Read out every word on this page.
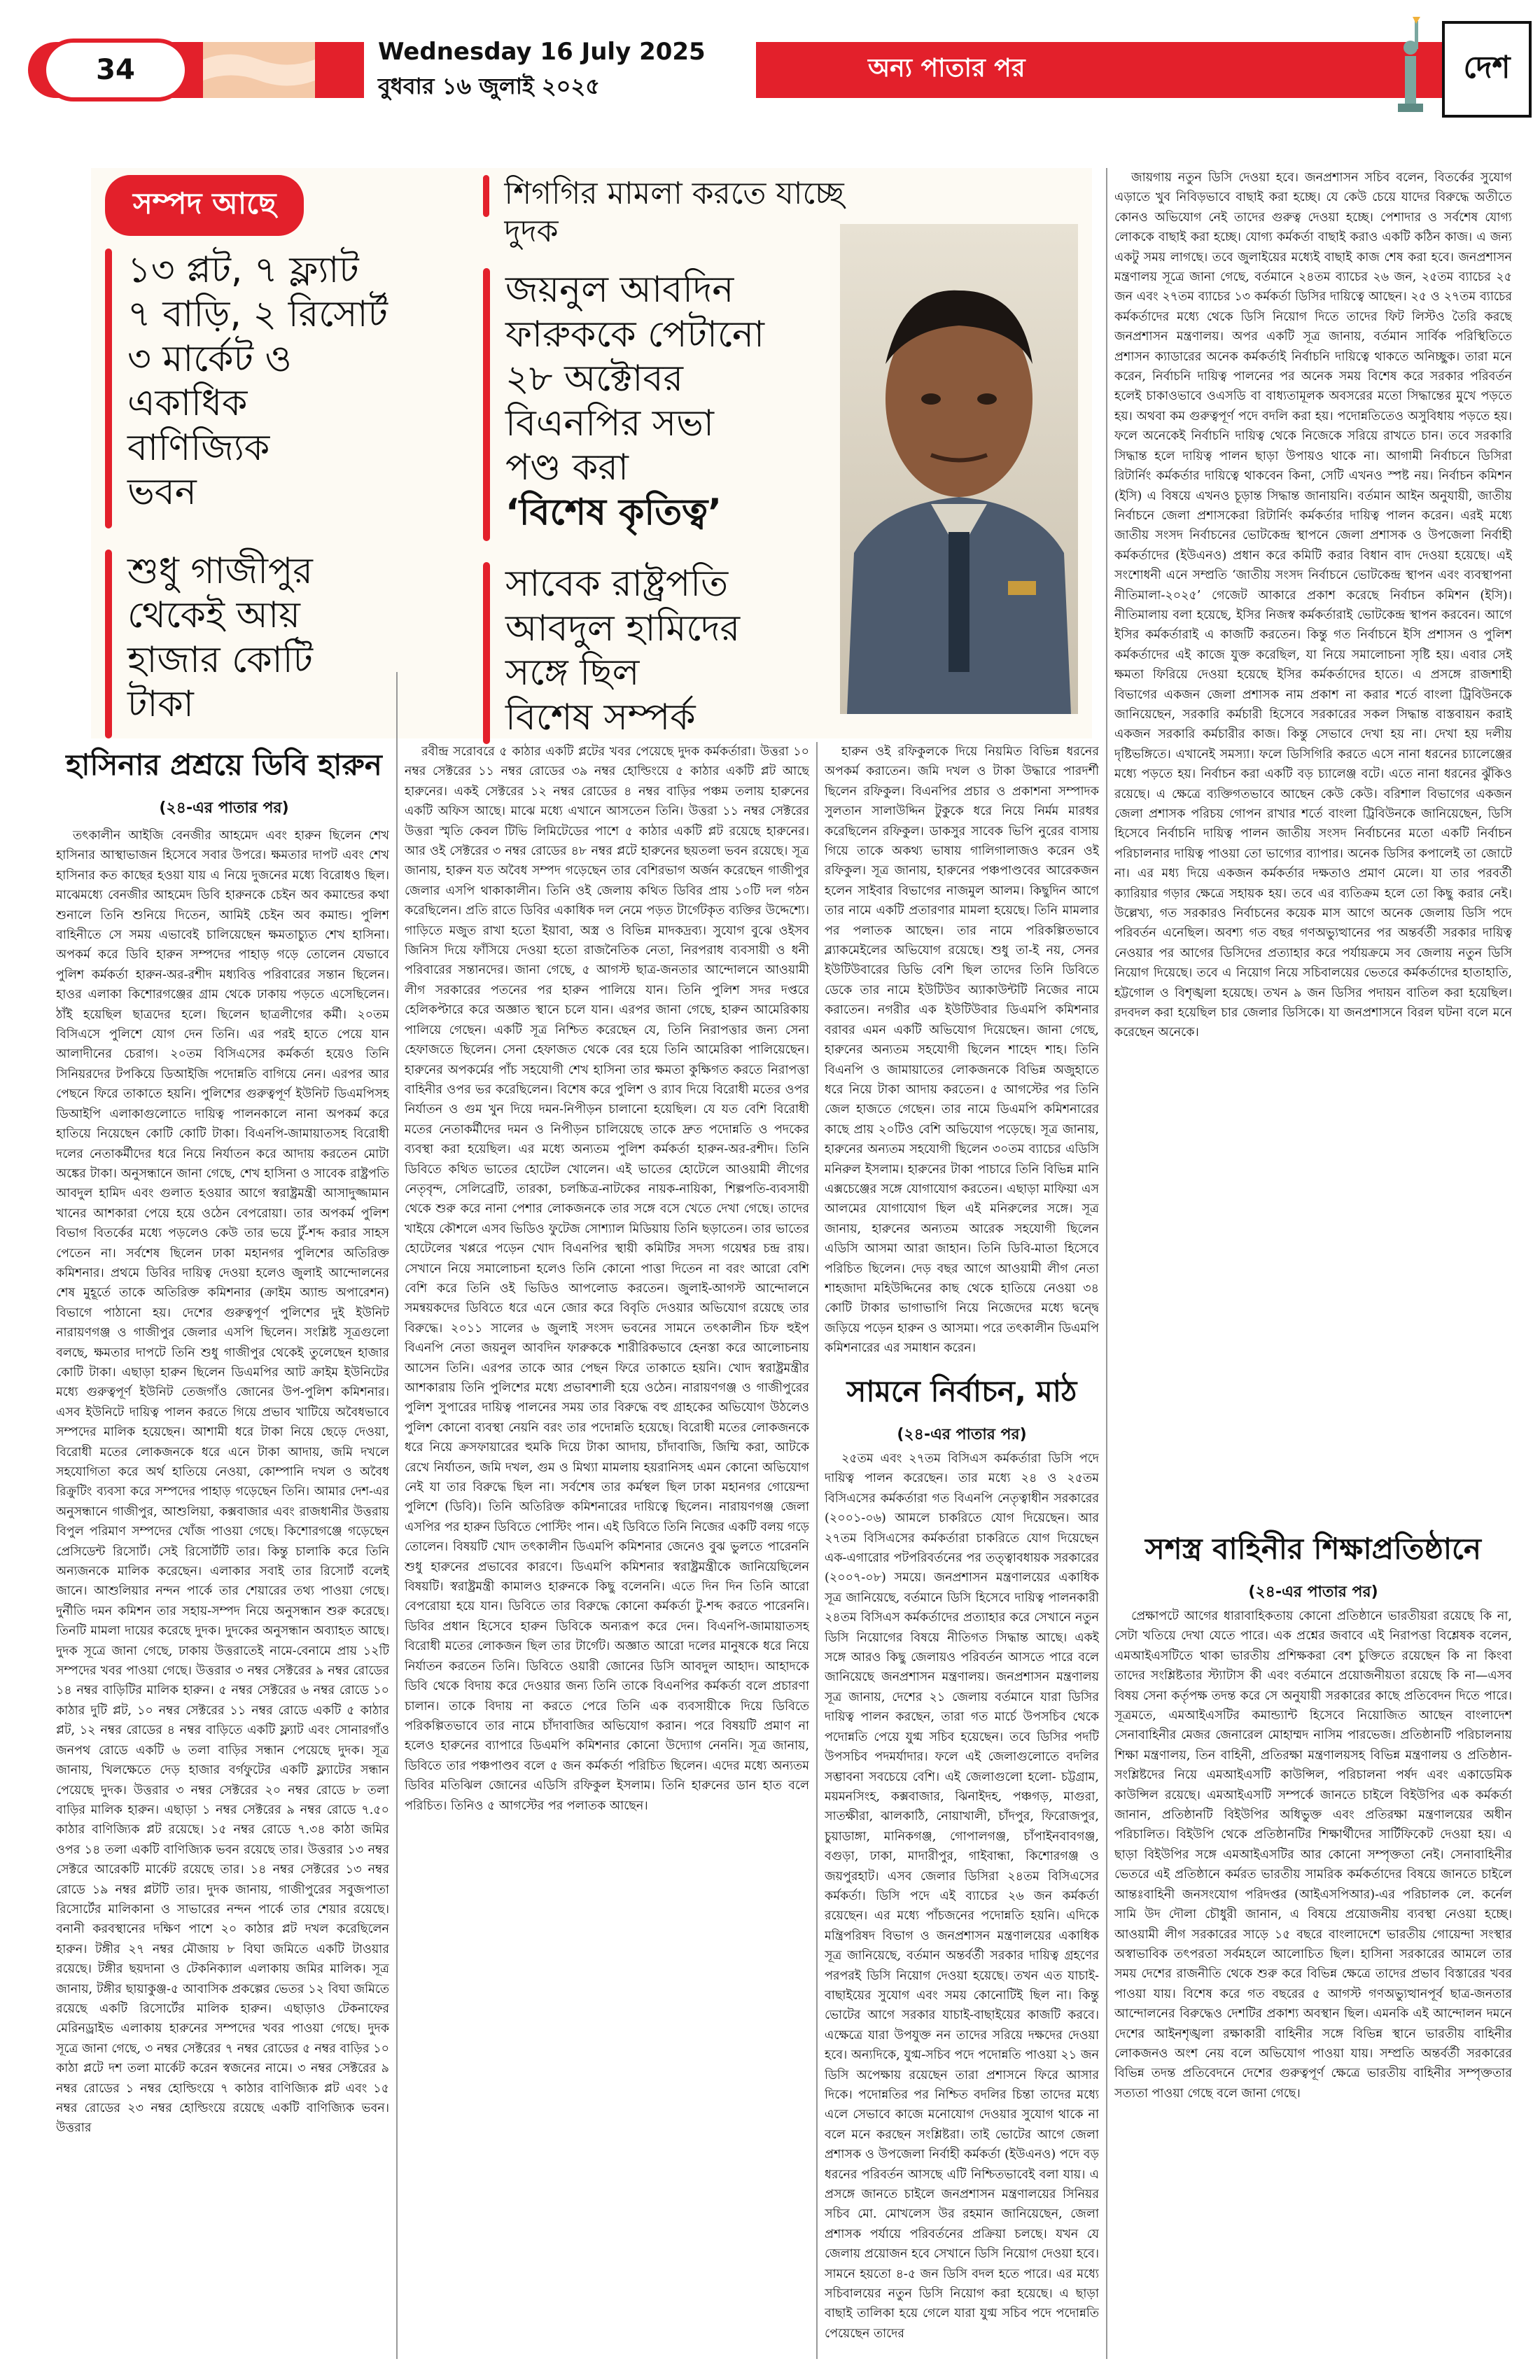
34
Wednesday 16 July 2025
বুধবার ১৬ জুলাই ২০২৫
অন্য পাতার পর	দেশ
সম্পদ আছে
১৩ প্লট, ৭ ফ্ল্যাট
৭ বাড়ি, ২ রিসোর্ট
৩ মার্কেট ও
একাধিক
বাণিজ্যিক
ভবন
শুধু গাজীপুর
থেকেই আয়
হাজার কোটি
টাকা
শিগগির মামলা করতে যাচ্ছে দুদক
জয়নুল আবদিন
ফারুককে পেটানো
২৮ অক্টোবর
বিএনপির সভা
পণ্ড করা
‘বিশেষ কৃতিত্ব’
সাবেক রাষ্ট্রপতি
আবদুল হামিদের
সঙ্গে ছিল
বিশেষ সম্পর্ক
হাসিনার প্রশ্রয়ে ডিবি হারুন
(২৪-এর পাতার পর)

তৎকালীন আইজি বেনজীর আহমেদ এবং হারুন ছিলেন শেখ হাসিনার আস্থাভাজন হিসেবে সবার উপরে। ক্ষমতার দাপট এবং শেখ হাসিনার কত কাছের হওয়া যায় এ নিয়ে দুজনের মধ্যে বিরোধও ছিল। মাঝেমধ্যে বেনজীর আহমেদ ডিবি হারুনকে চেইন অব কমান্ডের কথা শুনালে তিনি শুনিয়ে দিতেন, আমিই চেইন অব কমান্ড। পুলিশ বাহিনীতে সে সময় এভাবেই চালিয়েছেন ক্ষমতাচ্যুত শেখ হাসিনা। অপকর্ম করে ডিবি হারুন সম্পদের পাহাড় গড়ে তোলেন যেভাবে পুলিশ কর্মকর্তা হারুন-অর-রশীদ মধ্যবিত্ত পরিবারের সন্তান ছিলেন। হাওর এলাকা কিশোরগঞ্জের গ্রাম থেকে ঢাকায় পড়তে এসেছিলেন। ঠাঁই হয়েছিল ছাত্রদের হলে। ছিলেন ছাত্রলীগের কর্মী। ২০তম বিসিএসে পুলিশে যোগ দেন তিনি। এর পরই হাতে পেয়ে যান আলাদীনের চেরাগ। ২০তম বিসিএসের কর্মকর্তা হয়েও তিনি সিনিয়রদের টপকিয়ে ডিআইজি পদোন্নতি বাগিয়ে নেন। এরপর আর পেছনে ফিরে তাকাতে হয়নি। পুলিশের গুরুত্বপূর্ণ ইউনিট ডিএমপিসহ ডিআইপি এলাকাগুলোতে দায়িত্ব পালনকালে নানা অপকর্ম করে হাতিয়ে নিয়েছেন কোটি কোটি টাকা। বিএনপি-জামায়াতসহ বিরোধী দলের নেতাকর্মীদের ধরে নিয়ে নির্যাতন করে আদায় করতেন মোটা অঙ্কের টাকা। অনুসন্ধানে জানা গেছে, শেখ হাসিনা ও সাবেক রাষ্ট্রপতি আবদুল হামিদ এবং গুলাত হওয়ার আগে স্বরাষ্ট্রমন্ত্রী আসাদুজ্জামান খানের আশকারা পেয়ে হয়ে ওঠেন বেপরোয়া। তার অপকর্ম পুলিশ বিভাগ বিতর্কের মধ্যে পড়লেও কেউ তার ভয়ে টুঁ-শব্দ করার সাহস পেতেন না। সর্বশেষ ছিলেন ঢাকা মহানগর পুলিশের অতিরিক্ত কমিশনার। প্রথমে ডিবির দায়িত্ব দেওয়া হলেও জুলাই আন্দোলনের শেষ মুহূর্তে তাকে অতিরিক্ত কমিশনার (ক্রাইম অ্যান্ড অপারেশন) বিভাগে পাঠানো হয়। দেশের গুরুত্বপূর্ণ পুলিশের দুই ইউনিট নারায়ণগঞ্জ ও গাজীপুর জেলার এসপি ছিলেন। সংশ্লিষ্ট সূত্রগুলো বলছে, ক্ষমতার দাপটে তিনি শুধু গাজীপুর থেকেই তুলেছেন হাজার কোটি টাকা। এছাড়া হারুন ছিলেন ডিএমপির আট ক্রাইম ইউনিটের মধ্যে গুরুত্বপূর্ণ ইউনিট তেজগাঁও জোনের উপ-পুলিশ কমিশনার। এসব ইউনিটে দায়িত্ব পালন করতে গিয়ে প্রভাব খাটিয়ে অবৈধভাবে সম্পদের মালিক হয়েছেন। আশামী ধরে টাকা নিয়ে ছেড়ে দেওয়া, বিরোধী মতের লোকজনকে ধরে এনে টাকা আদায়, জমি দখলে সহযোগিতা করে অর্থ হাতিয়ে নেওয়া, কোম্পানি দখল ও অবৈধ রিক্রুটিং ব্যবসা করে সম্পদের পাহাড় গড়েছেন তিনি। আমার দেশ-এর অনুসন্ধানে গাজীপুর, আশুলিয়া, কক্সবাজার এবং রাজধানীর উত্তরায় বিপুল পরিমাণ সম্পদের খোঁজ পাওয়া গেছে। কিশোরগঞ্জে গড়েছেন প্রেসিডেন্ট রিসোর্ট। সেই রিসোর্টটি তার। কিন্তু চালাকি করে তিনি অন্যজনকে মালিক করেছেন। এলাকার সবাই তার রিসোর্ট বলেই জানে। আশুলিয়ার নন্দন পার্কে তার শেয়ারের তথ্য পাওয়া গেছে। দুর্নীতি দমন কমিশন তার সহায়-সম্পদ নিয়ে অনুসন্ধান শুরু করেছে। তিনটি মামলা দায়ের করেছে দুদক। দুদকের অনুসন্ধান অব্যাহত আছে। দুদক সূত্রে জানা গেছে, ঢাকায় উত্তরাতেই নামে-বেনামে প্রায় ১২টি সম্পদের খবর পাওয়া গেছে। উত্তরার ৩ নম্বর সেক্টরের ৯ নম্বর রোডের ১৪ নম্বর বাড়িটির মালিক হারুন। ৫ নম্বর সেক্টরের ৬ নম্বর রোডে ১০ কাঠার দুটি প্লট, ১০ নম্বর সেক্টরের ১১ নম্বর রোডে একটি ৫ কাঠার প্লট, ১২ নম্বর রোডের ৪ নম্বর বাড়িতে একটি ফ্ল্যাট এবং সোনারগাঁও জনপথ রোডে একটি ৬ তলা বাড়ির সন্ধান পেয়েছে দুদক। সূত্র জানায়, খিলক্ষেতে দেড় হাজার বর্গফুটের একটি ফ্ল্যাটের সন্ধান পেয়েছে দুদক। উত্তরার ৩ নম্বর সেক্টরের ২০ নম্বর রোডে ৮ তলা বাড়ির মালিক হারুন। এছাড়া ১ নম্বর সেক্টরের ৯ নম্বর রোডে ৭.৫০ কাঠার বাণিজ্যিক প্লট রয়েছে। ১৫ নম্বর রোডে ৭.৩৪ কাঠা জমির ওপর ১৪ তলা একটি বাণিজ্যিক ভবন রয়েছে তার। উত্তরার ১৩ নম্বর সেক্টরে আরেকটি মার্কেট রয়েছে তার। ১৪ নম্বর সেক্টরের ১৩ নম্বর রোডে ১৯ নম্বর প্লটটি তার। দুদক জানায়, গাজীপুরের সবুজপাতা রিসোর্টের মালিকানা ও সাভারের নন্দন পার্কে তার শেয়ার রয়েছে। বনানী করবস্থানের দক্ষিণ পাশে ২০ কাঠার প্লট দখল করেছিলেন হারুন। টঙ্গীর ২৭ নম্বর মৌজায় ৮ বিঘা জমিতে একটি টাওয়ার রয়েছে। টঙ্গীর ছয়দানা ও টেকনিক্যাল এলাকায় জমির মালিক। সূত্র জানায়, টঙ্গীর ছায়াকুঞ্জ-৫ আবাসিক প্রকল্পের ভেতর ১২ বিঘা জমিতে রয়েছে একটি রিসোর্টের মালিক হারুন। এছাড়াও টেকনাফের মেরিনড্রাইভ এলাকায় হারুনের সম্পদের খবর পাওয়া গেছে। দুদক সূত্রে জানা গেছে, ৩ নম্বর সেক্টরের ৭ নম্বর রোডের ৫ নম্বর বাড়ির ১০ কাঠা প্লটে দশ তলা মার্কেট করেন স্বজনের নামে। ৩ নম্বর সেক্টরের ৯ নম্বর রোডের ১ নম্বর হোল্ডিংয়ে ৭ কাঠার বাণিজ্যিক প্লট এবং ১৫ নম্বর রোডের ২৩ নম্বর হোল্ডিংয়ে রয়েছে একটি বাণিজ্যিক ভবন। উত্তরার

রবীন্দ্র সরোবরে ৫ কাঠার একটি প্লটের খবর পেয়েছে দুদক কর্মকর্তারা। উত্তরা ১০ নম্বর সেক্টরের ১১ নম্বর রোডের ৩৯ নম্বর হোল্ডিংয়ে ৫ কাঠার একটি প্লট আছে হারুনের। একই সেক্টরের ১২ নম্বর রোডের ৪ নম্বর বাড়ির পঞ্চম তলায় হারুনের একটি অফিস আছে। মাঝে মধ্যে এখানে আসতেন তিনি। উত্তরা ১১ নম্বর সেক্টরের উত্তরা স্মৃতি কেবল টিভি লিমিটেডের পাশে ৫ কাঠার একটি প্লট রয়েছে হারুনের। আর ওই সেক্টরের ৩ নম্বর রোডের ৪৮ নম্বর প্লটে হারুনের ছয়তলা ভবন রয়েছে। সূত্র জানায়, হারুন যত অবৈধ সম্পদ গড়েছেন তার বেশিরভাগ অর্জন করেছেন গাজীপুর জেলার এসপি থাকাকালীন। তিনি ওই জেলায় কথিত ডিবির প্রায় ১০টি দল গঠন করেছিলেন। প্রতি রাতে ডিবির একাধিক দল নেমে পড়ত টার্গেটকৃত ব্যক্তির উদ্দেশ্যে। গাড়িতে মজুত রাখা হতো ইয়াবা, অস্ত্র ও বিভিন্ন মাদকদ্রব্য। সুযোগ বুঝে ওইসব জিনিস দিয়ে ফাঁসিয়ে দেওয়া হতো রাজনৈতিক নেতা, নিরপরাধ ব্যবসায়ী ও ধনী পরিবারের সন্তানদের। জানা গেছে, ৫ আগস্ট ছাত্র-জনতার আন্দোলনে আওয়ামী লীগ সরকারের পতনের পর হারুন পালিয়ে যান। তিনি পুলিশ সদর দপ্তরে হেলিকপ্টারে করে অজ্ঞাত স্থানে চলে যান। এরপর জানা গেছে, হারুন আমেরিকায় পালিয়ে গেছেন। একটি সূত্র নিশ্চিত করেছেন যে, তিনি নিরাপত্তার জন্য সেনা হেফাজতে ছিলেন। সেনা হেফাজত থেকে বের হয়ে তিনি আমেরিকা পালিয়েছেন। হারুনের অপকর্মের পাঁচ সহযোগী শেখ হাসিনা তার ক্ষমতা কুক্ষিগত করতে নিরাপত্তা বাহিনীর ওপর ভর করেছিলেন। বিশেষ করে পুলিশ ও র‍্যাব দিয়ে বিরোধী মতের ওপর নির্যাতন ও গুম খুন দিয়ে দমন-নিপীড়ন চালানো হয়েছিল। যে যত বেশি বিরোধী মতের নেতাকর্মীদের দমন ও নিপীড়ন চালিয়েছে তাকে দ্রুত পদোন্নতি ও পদকের ব্যবস্থা করা হয়েছিল। এর মধ্যে অন্যতম পুলিশ কর্মকর্তা হারুন-অর-রশীদ। তিনি ডিবিতে কথিত ভাতের হোটেল খোলেন। এই ভাতের হোটেলে আওয়ামী লীগের নেতৃবৃন্দ, সেলিব্রেটি, তারকা, চলচ্চিত্র-নাটকের নায়ক-নায়িকা, শিল্পপতি-ব্যবসায়ী থেকে শুরু করে নানা পেশার লোকজনকে তার সঙ্গে বসে খেতে দেখা গেছে। তাদের খাইয়ে কৌশলে এসব ভিডিও ফুটেজ সোশ্যাল মিডিয়ায় তিনি ছড়াতেন। তার ভাতের হোটেলের খপ্পরে পড়েন খোদ বিএনপির স্থায়ী কমিটির সদস্য গয়েশ্বর চন্দ্র রায়। সেখানে নিয়ে সমালোচনা হলেও তিনি কোনো পাত্তা দিতেন না বরং আরো বেশি বেশি করে তিনি ওই ভিডিও আপলোড করতেন। জুলাই-আগস্ট আন্দোলনে সমন্বয়কদের ডিবিতে ধরে এনে জোর করে বিবৃতি দেওয়ার অভিযোগ রয়েছে তার বিরুদ্ধে। ২০১১ সালের ৬ জুলাই সংসদ ভবনের সামনে তৎকালীন চিফ হুইপ বিএনপি নেতা জয়নুল আবদিন ফারুককে শারীরিকভাবে হেনস্তা করে আলোচনায় আসেন তিনি। এরপর তাকে আর পেছন ফিরে তাকাতে হয়নি। খোদ স্বরাষ্ট্রমন্ত্রীর আশকারায় তিনি পুলিশের মধ্যে প্রভাবশালী হয়ে ওঠেন। নারায়ণগঞ্জ ও গাজীপুরের পুলিশ সুপারের দায়িত্ব পালনের সময় তার বিরুদ্ধে বহু গ্রাহকের অভিযোগ উঠলেও পুলিশ কোনো ব্যবস্থা নেয়নি বরং তার পদোন্নতি হয়েছে। বিরোধী মতের লোকজনকে ধরে নিয়ে ক্রসফায়ারের হুমকি দিয়ে টাকা আদায়, চাঁদাবাজি, জিম্মি করা, আটকে রেখে নির্যাতন, জমি দখল, গুম ও মিথ্যা মামলায় হয়রানিসহ এমন কোনো অভিযোগ নেই যা তার বিরুদ্ধে ছিল না। সর্বশেষ তার কর্মস্থল ছিল ঢাকা মহানগর গোয়েন্দা পুলিশে (ডিবি)। তিনি অতিরিক্ত কমিশনারের দায়িত্বে ছিলেন। নারায়ণগঞ্জ জেলা এসপির পর হারুন ডিবিতে পোস্টিং পান। এই ডিবিতে তিনি নিজের একটি বলয় গড়ে তোলেন। বিষয়টি খোদ তৎকালীন ডিএমপি কমিশনার জেনেও বুঝ ভুলতে পারেননি শুধু হারুনের প্রভাবের কারণে। ডিএমপি কমিশনার স্বরাষ্ট্রমন্ত্রীকে জানিয়েছিলেন বিষয়টি। স্বরাষ্ট্রমন্ত্রী কামালও হারুনকে কিছু বলেননি। এতে দিন দিন তিনি আরো বেপরোয়া হয়ে যান। ডিবিতে তার বিরুদ্ধে কোনো কর্মকর্তা টু-শব্দ করতে পারেননি। ডিবির প্রধান হিসেবে হারুন ডিবিকে অন্যরূপ করে দেন। বিএনপি-জামায়াতসহ বিরোধী মতের লোকজন ছিল তার টার্গেট। অজ্ঞাত আরো দলের মানুষকে ধরে নিয়ে নির্যাতন করতেন তিনি। ডিবিতে ওয়ারী জোনের ডিসি আবদুল আহাদ। আহাদকে ডিবি থেকে বিদায় করে দেওয়ার জন্য তিনি তাকে বিএনপির কর্মকর্তা বলে প্রচারণা চালান। তাকে বিদায় না করতে পেরে তিনি এক ব্যবসায়ীকে দিয়ে ডিবিতে পরিকল্পিতভাবে তার নামে চাঁদাবাজির অভিযোগ করান। পরে বিষয়টি প্রমাণ না হলেও হারুনের ব্যাপারে ডিএমপি কমিশনার কোনো উদ্যোগ নেননি। সূত্র জানায়, ডিবিতে তার পঞ্চপাণ্ডব বলে ৫ জন কর্মকর্তা পরিচিত ছিলেন। এদের মধ্যে অন্যতম ডিবির মতিঝিল জোনের এডিসি রফিকুল ইসলাম। তিনি হারুনের ডান হাত বলে পরিচিত। তিনিও ৫ আগস্টের পর পলাতক আছেন।

হারুন ওই রফিকুলকে দিয়ে নিয়মিত বিভিন্ন ধরনের অপকর্ম করাতেন। জমি দখল ও টাকা উদ্ধারে পারদর্শী ছিলেন রফিকুল। বিএনপির প্রচার ও প্রকাশনা সম্পাদক সুলতান সালাউদ্দিন টুকুকে ধরে নিয়ে নির্মম মারধর করেছিলেন রফিকুল। ডাকসুর সাবেক ভিপি নুরের বাসায় গিয়ে তাকে অকথ্য ভাষায় গালিগালাজও করেন ওই রফিকুল। সূত্র জানায়, হারুনের পঞ্চপাণ্ডবের আরেকজন হলেন সাইবার বিভাগের নাজমুল আলম। কিছুদিন আগে তার নামে একটি প্রতারণার মামলা হয়েছে। তিনি মামলার পর পলাতক আছেন। তার নামে পরিকল্পিতভাবে ব্ল্যাকমেইলের অভিযোগ রয়েছে। শুধু তা-ই নয়, সেনর ইউটিউবারের ডিভি বেশি ছিল তাদের তিনি ডিবিতে ডেকে তার নামে ইউটিউব অ্যাকাউন্টটি নিজের নামে করাতেন। নগরীর এক ইউটিউবার ডিএমপি কমিশনার বরাবর এমন একটি অভিযোগ দিয়েছেন। জানা গেছে, হারুনের অন্যতম সহযোগী ছিলেন শাহেদ শাহ। তিনি বিএনপি ও জামায়াতের লোকজনকে বিভিন্ন অজুহাতে ধরে নিয়ে টাকা আদায় করতেন। ৫ আগস্টের পর তিনি জেল হাজতে গেছেন। তার নামে ডিএমপি কমিশনারের কাছে প্রায় ২০টিও বেশি অভিযোগ পড়েছে। সূত্র জানায়, হারুনের অন্যতম সহযোগী ছিলেন ৩০তম ব্যাচের এডিসি মনিরুল ইসলাম। হারুনের টাকা পাচারে তিনি বিভিন্ন মানি এক্সচেঞ্জের সঙ্গে যোগাযোগ করতেন। এছাড়া মাফিয়া এস আলমের যোগাযোগ ছিল এই মনিরুলের সঙ্গে। সূত্র জানায়, হারুনের অন্যতম আরেক সহযোগী ছিলেন এডিসি আসমা আরা জাহান। তিনি ডিবি-মাতা হিসেবে পরিচিত ছিলেন। দেড় বছর আগে আওয়ামী লীগ নেতা শাহজাদা মহিউদ্দিনের কাছ থেকে হাতিয়ে নেওয়া ৩৪ কোটি টাকার ভাগাভাগি নিয়ে নিজেদের মধ্যে দ্বন্দ্বে জড়িয়ে পড়েন হারুন ও আসমা। পরে তৎকালীন ডিএমপি কমিশনারের এর সমাধান করেন।

সামনে নির্বাচন, মাঠ
(২৪-এর পাতার পর)

২৫তম এবং ২৭তম বিসিএস কর্মকর্তারা ডিসি পদে দায়িত্ব পালন করেছেন। তার মধ্যে ২৪ ও ২৫তম বিসিএসের কর্মকর্তারা গত বিএনপি নেতৃত্বাধীন সরকারের (২০০১-০৬) আমলে চাকরিতে যোগ দিয়েছেন। আর ২৭তম বিসিএসের কর্মকর্তারা চাকরিতে যোগ দিয়েছেন এক-এগারোর পটপরিবর্তনের পর তত্ত্বাবধায়ক সরকারের (২০০৭-০৮) সময়ে। জনপ্রশাসন মন্ত্রণালয়ের একাধিক সূত্র জানিয়েছে, বর্তমানে ডিসি হিসেবে দায়িত্ব পালনকারী ২৪তম বিসিএস কর্মকর্তাদের প্রত্যাহার করে সেখানে নতুন ডিসি নিয়োগের বিষয়ে নীতিগত সিদ্ধান্ত আছে। একই সঙ্গে আরও কিছু জেলায়ও পরিবর্তন আসতে পারে বলে জানিয়েছে জনপ্রশাসন মন্ত্রণালয়। জনপ্রশাসন মন্ত্রণালয় সূত্র জানায়, দেশের ২১ জেলায় বর্তমানে যারা ডিসির দায়িত্ব পালন করছেন, তারা গত মার্চে উপসচিব থেকে পদোন্নতি পেয়ে যুগ্ম সচিব হয়েছেন। তবে ডিসির পদটি উপসচিব পদমর্যাদার। ফলে এই জেলাগুলোতে বদলির সম্ভাবনা সবচেয়ে বেশি। এই জেলাগুলো হলো- চট্টগ্রাম, ময়মনসিংহ, কক্সবাজার, ঝিনাইদহ, পঞ্চগড়, মাগুরা, সাতক্ষীরা, ঝালকাঠি, নোয়াখালী, চাঁদপুর, ফিরোজপুর, চুয়াডাঙ্গা, মানিকগঞ্জ, গোপালগঞ্জ, চাঁপাইনবাবগঞ্জ, বগুড়া, ঢাকা, মাদারীপুর, গাইবান্ধা, কিশোরগঞ্জ ও জয়পুরহাট। এসব জেলার ডিসিরা ২৪তম বিসিএসের কর্মকর্তা। ডিসি পদে এই ব্যাচের ২৬ জন কর্মকর্তা রয়েছেন। এর মধ্যে পাঁচজনের পদোন্নতি হয়নি। এদিকে মন্ত্রিপরিষদ বিভাগ ও জনপ্রশাসন মন্ত্রণালয়ের একাধিক সূত্র জানিয়েছে, বর্তমান অন্তর্বর্তী সরকার দায়িত্ব গ্রহণের পরপরই ডিসি নিয়োগ দেওয়া হয়েছে। তখন এত যাচাই-বাছাইয়ের সুযোগ এবং সময় কোনোটিই ছিল না। কিন্তু ভোটের আগে সরকার যাচাই-বাছাইয়ের কাজটি করবে। এক্ষেত্রে যারা উপযুক্ত নন তাদের সরিয়ে দক্ষদের দেওয়া হবে। অন্যদিকে, যুগ্ম-সচিব পদে পদোন্নতি পাওয়া ২১ জন ডিসি অপেক্ষায় রয়েছেন তারা প্রশাসনে ফিরে আসার দিকে। পদোন্নতির পর নিশ্চিত বদলির চিন্তা তাদের মধ্যে এলে সেভাবে কাজে মনোযোগ দেওয়ার সুযোগ থাকে না বলে মনে করছেন সংশ্লিষ্টরা। তাই ভোটের আগে জেলা প্রশাসক ও উপজেলা নির্বাহী কর্মকর্তা (ইউএনও) পদে বড় ধরনের পরিবর্তন আসছে এটি নিশ্চিতভাবেই বলা যায়। এ প্রসঙ্গে জানতে চাইলে জনপ্রশাসন মন্ত্রণালয়ের সিনিয়র সচিব মো. মোখলেস উর রহমান জানিয়েছেন, জেলা প্রশাসক পর্যায়ে পরিবর্তনের প্রক্রিয়া চলছে। যখন যে জেলায় প্রয়োজন হবে সেখানে ডিসি নিয়োগ দেওয়া হবে। সামনে হয়তো ৪-৫ জন ডিসি বদল হতে পারে। এর মধ্যে সচিবালয়ের নতুন ডিসি নিয়োগ করা হয়েছে। এ ছাড়া বাছাই তালিকা হয়ে গেলে যারা যুগ্ম সচিব পদে পদোন্নতি পেয়েছেন তাদের

জায়গায় নতুন ডিসি দেওয়া হবে। জনপ্রশাসন সচিব বলেন, বিতর্কের সুযোগ এড়াতে খুব নিবিড়ভাবে বাছাই করা হচ্ছে। যে কেউ চেয়ে যাদের বিরুদ্ধে অতীতে কোনও অভিযোগ নেই তাদের গুরুত্ব দেওয়া হচ্ছে। পেশাদার ও সর্বশেষ যোগ্য লোককে বাছাই করা হচ্ছে। যোগ্য কর্মকর্তা বাছাই করাও একটি কঠিন কাজ। এ জন্য একটু সময় লাগছে। তবে জুলাইয়ের মধ্যেই বাছাই কাজ শেষ করা হবে। জনপ্রশাসন মন্ত্রণালয় সূত্রে জানা গেছে, বর্তমানে ২৪তম ব্যাচের ২৬ জন, ২৫তম ব্যাচের ২৫ জন এবং ২৭তম ব্যাচের ১৩ কর্মকর্তা ডিসির দায়িত্বে আছেন। ২৫ ও ২৭তম ব্যাচের কর্মকর্তাদের মধ্যে থেকে ডিসি নিয়োগ দিতে তাদের ফিট লিস্টও তৈরি করছে জনপ্রশাসন মন্ত্রণালয়। অপর একটি সূত্র জানায়, বর্তমান সার্বিক পরিস্থিতিতে প্রশাসন ক্যাডারের অনেক কর্মকর্তাই নির্বাচনি দায়িত্বে থাকতে অনিচ্ছুক। তারা মনে করেন, নির্বাচনি দায়িত্ব পালনের পর অনেক সময় বিশেষ করে সরকার পরিবর্তন হলেই চাকাওভাবে ওএসডি বা বাধ্যতামূলক অবসরের মতো সিদ্ধান্তের মুখে পড়তে হয়। অথবা কম গুরুত্বপূর্ণ পদে বদলি করা হয়। পদোন্নতিতেও অসুবিধায় পড়তে হয়। ফলে অনেকেই নির্বাচনি দায়িত্ব থেকে নিজেকে সরিয়ে রাখতে চান। তবে সরকারি সিদ্ধান্ত হলে দায়িত্ব পালন ছাড়া উপায়ও থাকে না। আগামী নির্বাচনে ডিসিরা রিটার্নিং কর্মকর্তার দায়িত্বে থাকবেন কিনা, সেটি এখনও স্পষ্ট নয়। নির্বাচন কমিশন (ইসি) এ বিষয়ে এখনও চূড়ান্ত সিদ্ধান্ত জানায়নি। বর্তমান আইন অনুযায়ী, জাতীয় নির্বাচনে জেলা প্রশাসকেরা রিটার্নিং কর্মকর্তার দায়িত্ব পালন করেন। এরই মধ্যে জাতীয় সংসদ নির্বাচনের ভোটকেন্দ্র স্থাপনে জেলা প্রশাসক ও উপজেলা নির্বাহী কর্মকর্তাদের (ইউএনও) প্রধান করে কমিটি করার বিধান বাদ দেওয়া হয়েছে। এই সংশোধনী এনে সম্প্রতি ‘জাতীয় সংসদ নির্বাচনে ভোটকেন্দ্র স্থাপন এবং ব্যবস্থাপনা নীতিমালা-২০২৫’ গেজেট আকারে প্রকাশ করেছে নির্বাচন কমিশন (ইসি)। নীতিমালায় বলা হয়েছে, ইসির নিজস্ব কর্মকর্তারাই ভোটকেন্দ্র স্থাপন করবেন। আগে ইসির কর্মকর্তারাই এ কাজটি করতেন। কিন্তু গত নির্বাচনে ইসি প্রশাসন ও পুলিশ কর্মকর্তাদের এই কাজে যুক্ত করেছিল, যা নিয়ে সমালোচনা সৃষ্টি হয়। এবার সেই ক্ষমতা ফিরিয়ে দেওয়া হয়েছে ইসির কর্মকর্তাদের হাতে। এ প্রসঙ্গে রাজশাহী বিভাগের একজন জেলা প্রশাসক নাম প্রকাশ না করার শর্তে বাংলা ট্রিবিউনকে জানিয়েছেন, সরকারি কর্মচারী হিসেবে সরকারের সকল সিদ্ধান্ত বাস্তবায়ন করাই একজন সরকারি কর্মচারীর কাজ। কিন্তু সেভাবে দেখা হয় না। দেখা হয় দলীয় দৃষ্টিভঙ্গিতে। এখানেই সমস্যা। ফলে ডিসিগিরি করতে এসে নানা ধরনের চ্যালেঞ্জের মধ্যে পড়তে হয়। নির্বাচন করা একটি বড় চ্যালেঞ্জ বটে। এতে নানা ধরনের ঝুঁকিও রয়েছে। এ ক্ষেত্রে ব্যক্তিগতভাবে আছেন কেউ কেউ। বরিশাল বিভাগের একজন জেলা প্রশাসক পরিচয় গোপন রাখার শর্তে বাংলা ট্রিবিউনকে জানিয়েছেন, ডিসি হিসেবে নির্বাচনি দায়িত্ব পালন জাতীয় সংসদ নির্বাচনের মতো একটি নির্বাচন পরিচালনার দায়িত্ব পাওয়া তো ভাগ্যের ব্যাপার। অনেক ডিসির কপালেই তা জোটে না। এর মধ্য দিয়ে একজন কর্মকর্তার দক্ষতাও প্রমাণ মেলে। যা তার পরবর্তী ক্যারিয়ার গড়ার ক্ষেত্রে সহায়ক হয়। তবে এর ব্যতিক্রম হলে তো কিছু করার নেই। উল্লেখ্য, গত সরকারও নির্বাচনের কয়েক মাস আগে অনেক জেলায় ডিসি পদে পরিবর্তন এনেছিল। অবশ্য গত বছর গণঅভ্যুত্থানের পর অন্তর্বর্তী সরকার দায়িত্ব নেওয়ার পর আগের ডিসিদের প্রত্যাহার করে পর্যায়ক্রমে সব জেলায় নতুন ডিসি নিয়োগ দিয়েছে। তবে এ নিয়োগ নিয়ে সচিবালয়ের ভেতরে কর্মকর্তাদের হাতাহাতি, হট্টগোল ও বিশৃঙ্খলা হয়েছে। তখন ৯ জন ডিসির পদায়ন বাতিল করা হয়েছিল। রদবদল করা হয়েছিল চার জেলার ডিসিকে। যা জনপ্রশাসনে বিরল ঘটনা বলে মনে করেছেন অনেকে।

সশস্ত্র বাহিনীর শিক্ষাপ্রতিষ্ঠানে
(২৪-এর পাতার পর)

প্রেক্ষাপটে আগের ধারাবাহিকতায় কোনো প্রতিষ্ঠানে ভারতীয়রা রয়েছে কি না, সেটা খতিয়ে দেখা যেতে পারে। এক প্রশ্নের জবাবে এই নিরাপত্তা বিশ্লেষক বলেন, এমআইএসটিতে থাকা ভারতীয় প্রশিক্ষকরা বেশ চুক্তিতে রয়েছেন কি না কিংবা তাদের সংশ্লিষ্টতার স্ট্যাটাস কী এবং বর্তমানে প্রয়োজনীয়তা রয়েছে কি না—এসব বিষয় সেনা কর্তৃপক্ষ তদন্ত করে সে অনুযায়ী সরকারের কাছে প্রতিবেদন দিতে পারে। সূত্রমতে, এমআইএসটির কমান্ড্যান্ট হিসেবে নিয়োজিত আছেন বাংলাদেশ সেনাবাহিনীর মেজর জেনারেল মোহাম্মদ নাসিম পারভেজ। প্রতিষ্ঠানটি পরিচালনায় শিক্ষা মন্ত্রণালয়, তিন বাহিনী, প্রতিরক্ষা মন্ত্রণালয়সহ বিভিন্ন মন্ত্রণালয় ও প্রতিষ্ঠান-সংশ্লিষ্টদের নিয়ে এমআইএসটি কাউন্সিল, পরিচালনা পর্ষদ এবং একাডেমিক কাউন্সিল রয়েছে। এমআইএসটি সম্পর্কে জানতে চাইলে বিইউপির এক কর্মকর্তা জানান, প্রতিষ্ঠানটি বিইউপির অধিভুক্ত এবং প্রতিরক্ষা মন্ত্রণালয়ের অধীন পরিচালিত। বিইউপি থেকে প্রতিষ্ঠানটির শিক্ষার্থীদের সার্টিফিকেট দেওয়া হয়। এ ছাড়া বিইউপির সঙ্গে এমআইএসটির আর কোনো সম্পৃক্ততা নেই। সেনাবাহিনীর ভেতরে এই প্রতিষ্ঠানে কর্মরত ভারতীয় সামরিক কর্মকর্তাদের বিষয়ে জানতে চাইলে আন্তঃবাহিনী জনসংযোগ পরিদপ্তর (আইএসপিআর)-এর পরিচালক লে. কর্নেল সামি উদ দৌলা চৌধুরী জানান, এ বিষয়ে প্রয়োজনীয় ব্যবস্থা নেওয়া হচ্ছে। আওয়ামী লীগ সরকারের সাড়ে ১৫ বছরে বাংলাদেশে ভারতীয় গোয়েন্দা সংস্থার অস্বাভাবিক তৎপরতা সর্বমহলে আলোচিত ছিল। হাসিনা সরকারের আমলে তার সময় দেশের রাজনীতি থেকে শুরু করে বিভিন্ন ক্ষেত্রে তাদের প্রভাব বিস্তারের খবর পাওয়া যায়। বিশেষ করে গত বছরের ৫ আগস্ট গণঅভ্যুত্থানপূর্ব ছাত্র-জনতার আন্দোলনের বিরুদ্ধেও দেশটির প্রকাশ্য অবস্থান ছিল। এমনকি এই আন্দোলন দমনে দেশের আইনশৃঙ্খলা রক্ষাকারী বাহিনীর সঙ্গে বিভিন্ন স্থানে ভারতীয় বাহিনীর লোকজনও অংশ নেয় বলে অভিযোগ পাওয়া যায়। সম্প্রতি অন্তর্বর্তী সরকারের বিভিন্ন তদন্ত প্রতিবেদনে দেশের গুরুত্বপূর্ণ ক্ষেত্রে ভারতীয় বাহিনীর সম্পৃক্ততার সত্যতা পাওয়া গেছে বলে জানা গেছে।
